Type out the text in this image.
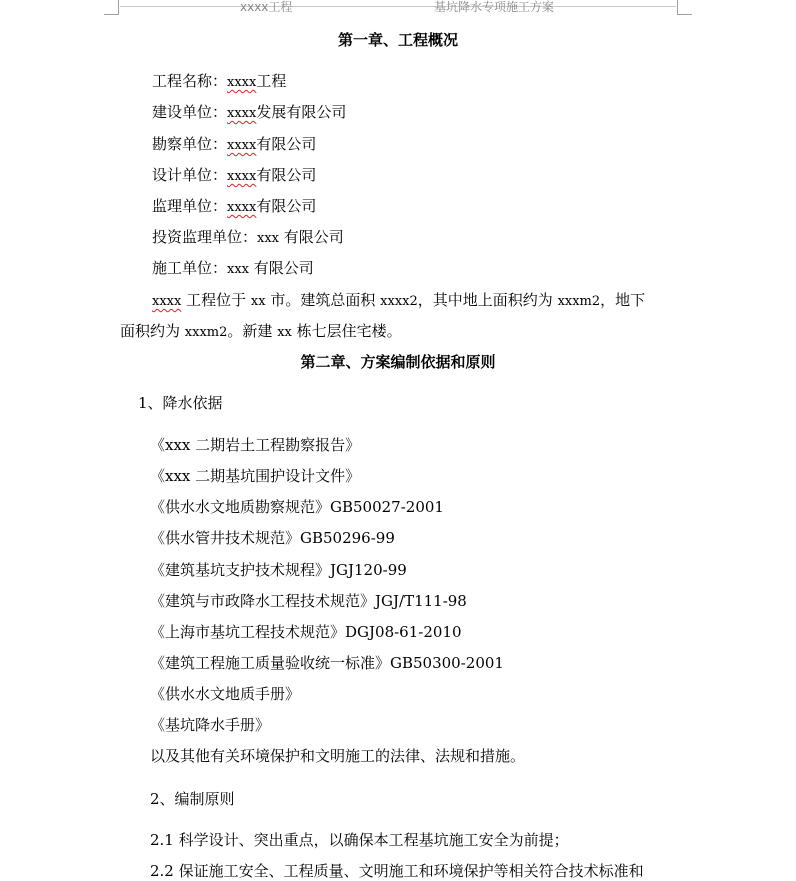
xxxx工程	基坑降水专项施工方案
第一章、工程概况
工程名称：xxxx工程
建设单位：xxxx发展有限公司
勘察单位：xxxx有限公司
设计单位：xxxx有限公司
监理单位：xxxx有限公司
投资监理单位：xxx 有限公司
施工单位：xxx 有限公司
xxxx 工程位于 xx 市。建筑总面积 xxxx2，其中地上面积约为 xxxm2，地下
面积约为 xxxm2。新建 xx 栋七层住宅楼。
第二章、方案编制依据和原则
1、降水依据
《xxx 二期岩土工程勘察报告》
《xxx 二期基坑围护设计文件》
《供水水文地质勘察规范》GB50027-2001
《供水管井技术规范》GB50296-99
《建筑基坑支护技术规程》JGJ120-99
《建筑与市政降水工程技术规范》JGJ/T111-98
《上海市基坑工程技术规范》DGJ08-61-2010
《建筑工程施工质量验收统一标准》GB50300-2001
《供水水文地质手册》
《基坑降水手册》
以及其他有关环境保护和文明施工的法律、法规和措施。
2、编制原则
2.1 科学设计、突出重点，以确保本工程基坑施工安全为前提；
2.2 保证施工安全、工程质量、文明施工和环境保护等相关符合技术标准和
